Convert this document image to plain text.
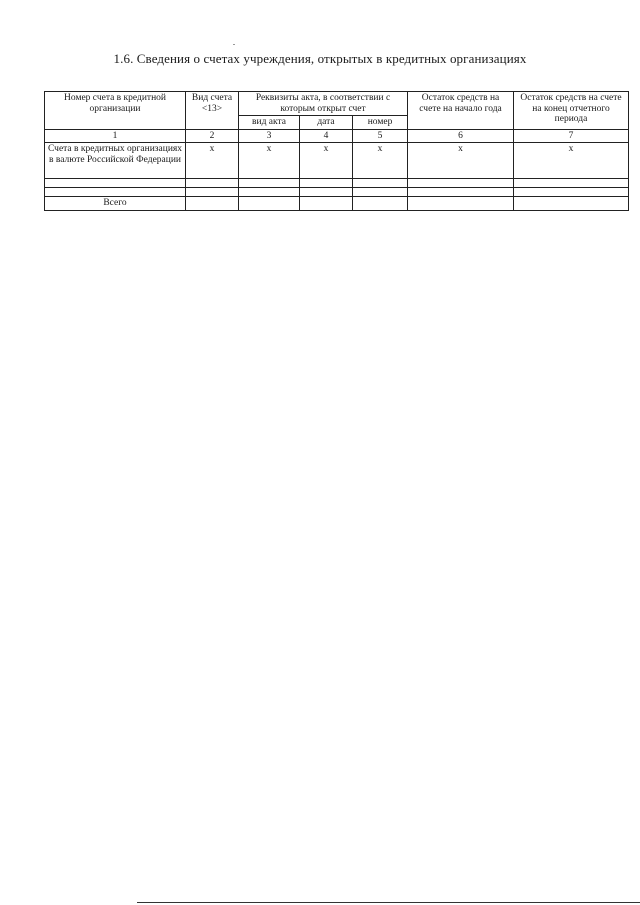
1.6. Сведения о счетах учреждения, открытых в кредитных организациях
Номер счета в кредитной организации	Вид счета <13>	Реквизиты акта, в соответствии с которым открыт счет			Остаток средств на счете на начало года	Остаток средств на счете на конец отчетного периода
		вид акта	дата	номер		
1	2	3	4	5	6	7
Счета в кредитных организациях в валюте Российской Федерации	x	x	x	x	x	x

Всего						
